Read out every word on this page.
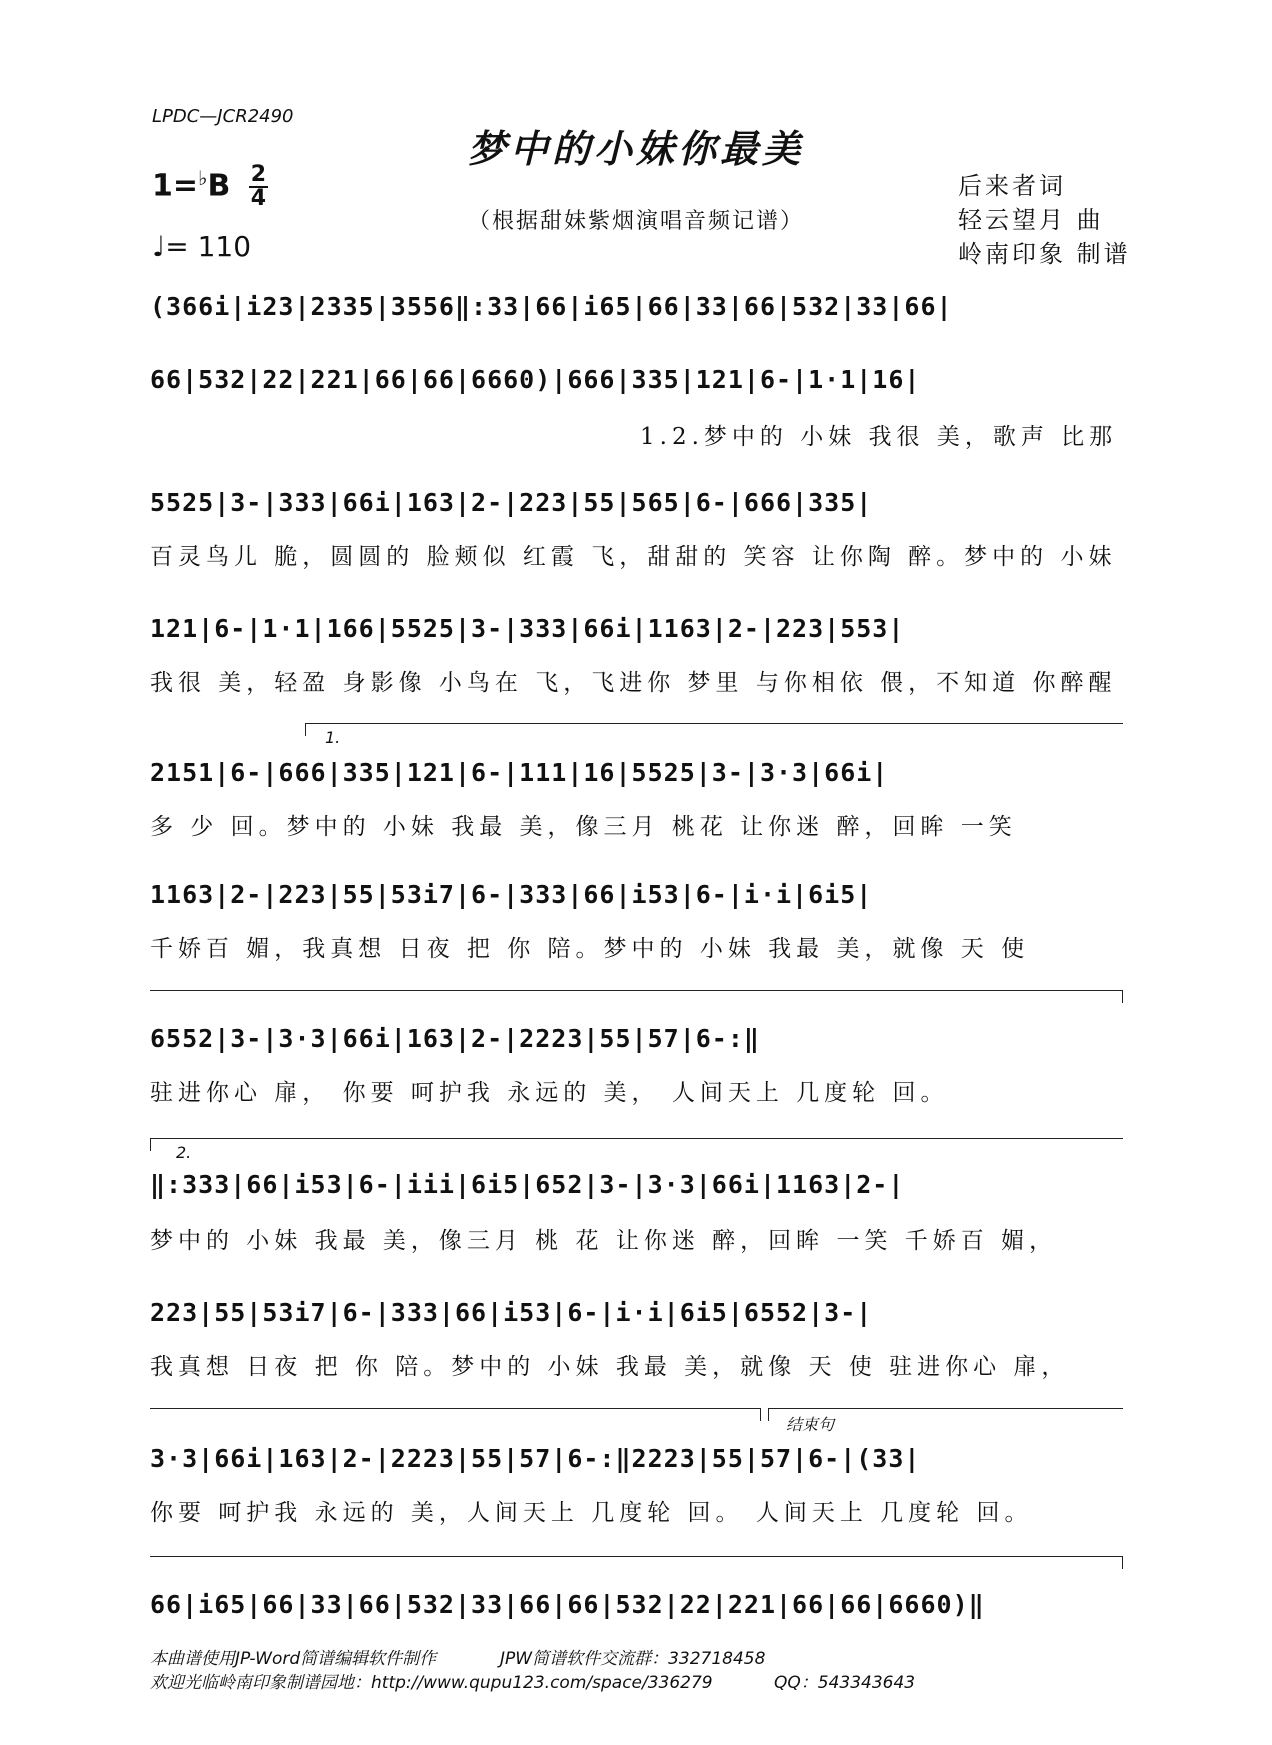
LPDC—JCR2490
梦中的小妹你最美
（根据甜妹紫烟演唱音频记谱）
$1=^♭B \frac{2}{4}$
♩= 110
后来者词
轻云望月 曲
岭南印象 制谱
(366i|i23|2335|3556‖:33|66|i65|66|33|66|532|33|66|
66|532|22|221|66|66|6660)|666|335|121|6-|1·1|16|
1.2.梦中的 小妹 我很 美，歌声 比那
5525|3-|333|66i|163|2-|223|55|565|6-|666|335|
百灵鸟儿 脆，圆圆的 脸颊似 红霞 飞，甜甜的 笑容 让你陶 醉。梦中的 小妹
121|6-|1·1|166|5525|3-|333|66i|1163|2-|223|553|
我很 美，轻盈 身影像 小鸟在 飞，飞进你 梦里 与你相依 偎，不知道 你醉醒
1.
2151|6-|666|335|121|6-|111|16|5525|3-|3·3|66i|
多 少 回。梦中的 小妹 我最 美，像三月 桃花 让你迷 醉，回眸 一笑
1163|2-|223|55|53i7|6-|333|66|i53|6-|i·i|6i5|
千娇百 媚，我真想 日夜 把 你 陪。梦中的 小妹 我最 美，就像 天 使
6552|3-|3·3|66i|163|2-|2223|55|57|6-:‖
驻进你心 扉， 你要 呵护我 永远的 美， 人间天上 几度轮 回。
2.
‖:333|66|i53|6-|iii|6i5|652|3-|3·3|66i|1163|2-|
梦中的 小妹 我最 美，像三月 桃 花 让你迷 醉，回眸 一笑 千娇百 媚，
223|55|53i7|6-|333|66|i53|6-|i·i|6i5|6552|3-|
我真想 日夜 把 你 陪。梦中的 小妹 我最 美，就像 天 使 驻进你心 扉，
结束句
3·3|66i|163|2-|2223|55|57|6-:‖2223|55|57|6-|(33|
你要 呵护我 永远的 美，人间天上 几度轮 回。 人间天上 几度轮 回。
66|i65|66|33|66|532|33|66|66|532|22|221|66|66|6660)‖
本曲谱使用JP-Word简谱编辑软件制作	JPW简谱软件交流群：332718458
欢迎光临岭南印象制谱园地：http://www.qupu123.com/space/336279	QQ：543343643
